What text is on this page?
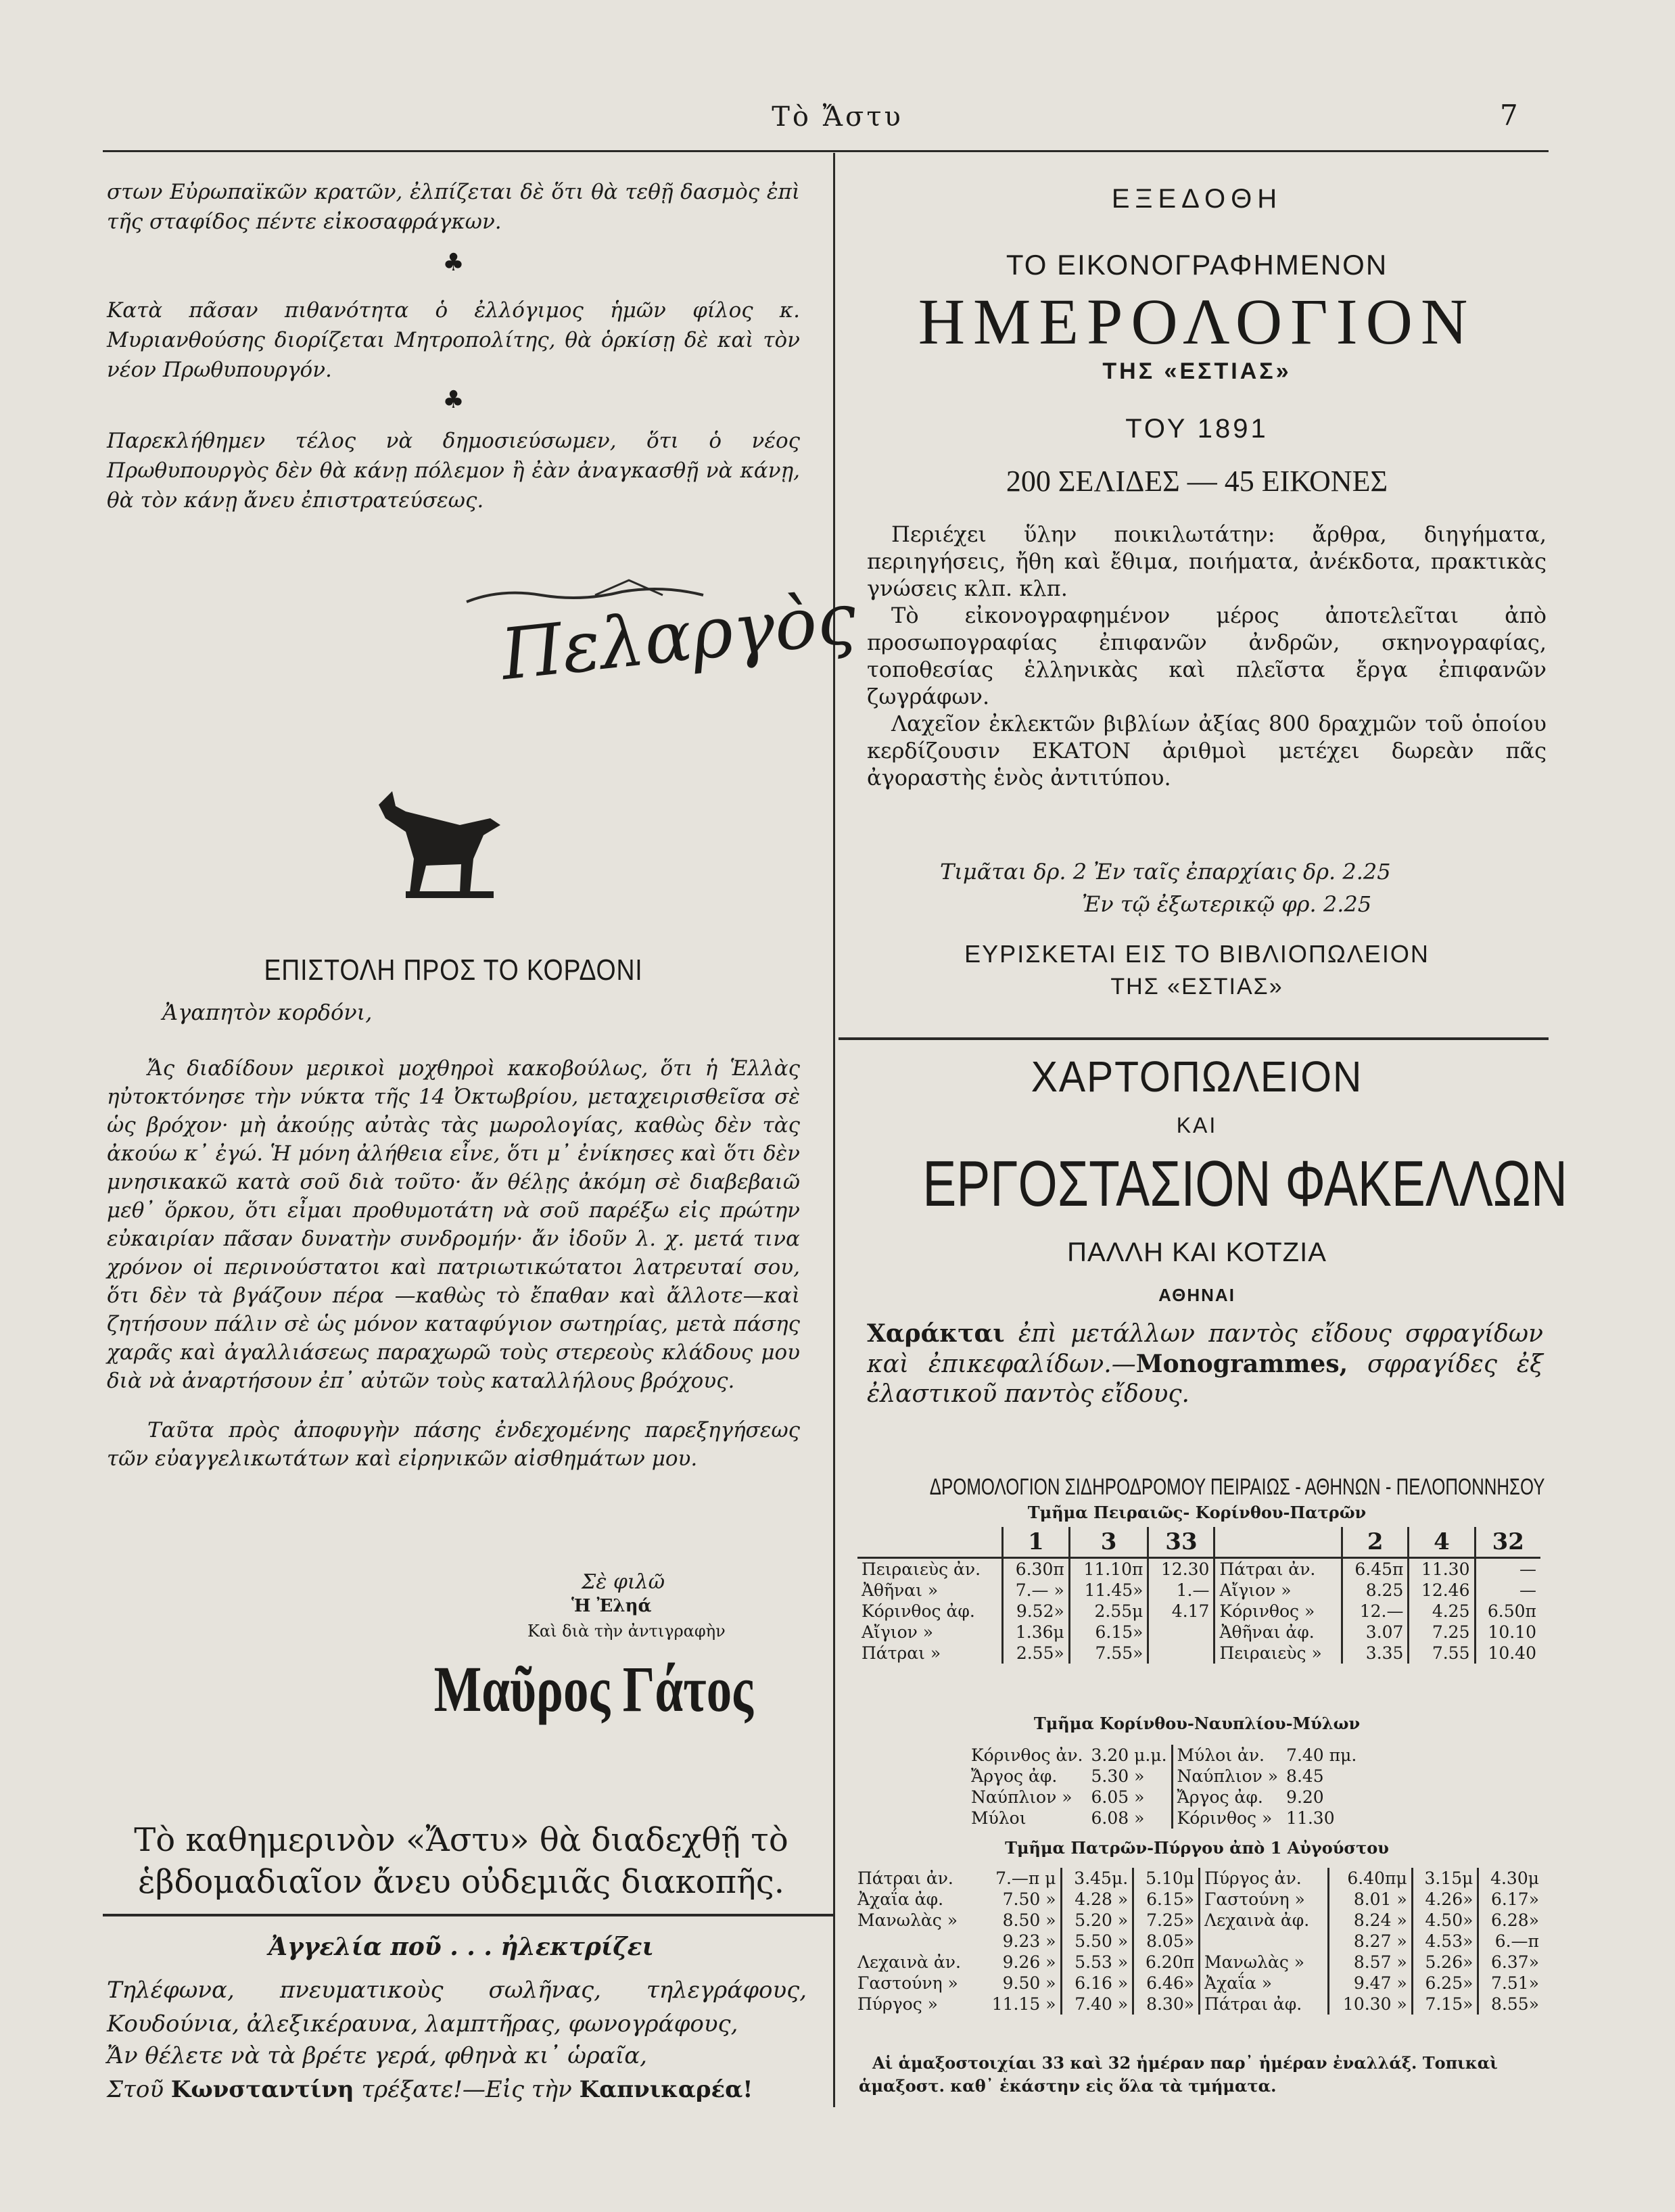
Τὸ Ἄστυ	7

στων Εὐρωπαϊκῶν κρατῶν, ἐλπίζεται δὲ ὅτι θὰ τεθῇ δασμὸς ἐπὶ τῆς σταφίδος πέντε εἰκοσαφράγκων.

♣

Κατὰ πᾶσαν πιθανότητα ὁ ἐλλόγιμος ἡμῶν φίλος κ. Μυριανθούσης διορίζεται Μητροπολίτης, θὰ ὁρκίσῃ δὲ καὶ τὸν νέον Πρωθυπουργόν.

♣

Παρεκλήθημεν τέλος νὰ δημοσιεύσωμεν, ὅτι ὁ νέος Πρωθυπουργὸς δὲν θὰ κάνῃ πόλεμον ἢ ἐὰν ἀναγκασθῇ νὰ κάνῃ, θὰ τὸν κάνῃ ἄνευ ἐπιστρατεύσεως.

Πελαργὸς
ΕΠΙΣΤΟΛΗ ΠΡΟΣ ΤΟ ΚΟΡΔΟΝΙ
Ἀγαπητὸν κορδόνι,

Ἄς διαδίδουν μερικοὶ μοχθηροὶ κακοβούλως, ὅτι ἡ Ἑλλὰς ηὐτοκτόνησε τὴν νύκτα τῆς 14 Ὀκτωβρίου, μεταχειρισθεῖσα σὲ ὡς βρόχον· μὴ ἀκούῃς αὐτὰς τὰς μωρολογίας, καθὼς δὲν τὰς ἀκούω κ᾿ ἐγώ. Ἡ μόνη ἀλήθεια εἶνε, ὅτι μ᾿ ἐνίκησες καὶ ὅτι δὲν μνησικακῶ κατὰ σοῦ διὰ τοῦτο· ἄν θέλῃς ἀκόμη σὲ διαβεβαιῶ μεθ᾿ ὅρκου, ὅτι εἶμαι προθυμοτάτη νὰ σοῦ παρέξω εἰς πρώτην εὐκαιρίαν πᾶσαν δυνατὴν συνδρομήν· ἄν ἰδοῦν λ. χ. μετά τινα χρόνον οἱ περινούστατοι καὶ πατριωτικώτατοι λατρευταί σου, ὅτι δὲν τὰ βγάζουν πέρα —καθὼς τὸ ἔπαθαν καὶ ἄλλοτε—καὶ ζητήσουν πάλιν σὲ ὡς μόνον καταφύγιον σωτηρίας, μετὰ πάσης χαρᾶς καὶ ἀγαλλιάσεως παραχωρῶ τοὺς στερεοὺς κλάδους μου διὰ νὰ ἀναρτήσουν ἐπ᾿ αὐτῶν τοὺς καταλλήλους βρόχους.

Ταῦτα πρὸς ἀποφυγὴν πάσης ἐνδεχομένης παρεξηγήσεως τῶν εὐαγγελικωτάτων καὶ εἰρηνικῶν αἰσθημάτων μου.

Σὲ φιλῶ
Ἡ Ἐληά
Καὶ διὰ τὴν ἀντιγραφὴν
Μαῦρος Γάτος
Τὸ καθημερινὸν «Ἄστυ» θὰ διαδεχθῇ τὸ ἑβδομαδιαῖον ἄνευ οὐδεμιᾶς διακοπῆς.
Ἀγγελία ποῦ . . . ἠλεκτρίζει
Τηλέφωνα, πνευματικοὺς σωλῆνας, τηλεγράφους, Κουδούνια, ἀλεξικέραυνα, λαμπτῆρας, φωνογράφους,
Ἄν θέλετε νὰ τὰ βρέτε γερά, φθηνὰ κι᾿ ὡραῖα,
Στοῦ Κωνσταντίνη τρέξατε!—Εἰς τὴν Καπνικαρέα!
ΕΞΕΔΟΘΗ
ΤΟ ΕΙΚΟΝΟΓΡΑΦΗΜΕΝΟΝ
ΗΜΕΡΟΛΟΓΙΟΝ
ΤΗΣ «ΕΣΤΙΑΣ»
ΤΟΥ 1891
200 ΣΕΛΙΔΕΣ — 45 ΕΙΚΟΝΕΣ

Περιέχει ὕλην ποικιλωτάτην: ἄρθρα, διηγήματα, περιηγήσεις, ἤθη καὶ ἔθιμα, ποιήματα, ἀνέκδοτα, πρακτικὰς γνώσεις κλπ. κλπ.

Τὸ εἰκονογραφημένον μέρος ἀποτελεῖται ἀπὸ προσωπογραφίας ἐπιφανῶν ἀνδρῶν, σκηνογραφίας, τοποθεσίας ἑλληνικὰς καὶ πλεῖστα ἔργα ἐπιφανῶν ζωγράφων.

Λαχεῖον ἐκλεκτῶν βιβλίων ἀξίας 800 δραχμῶν τοῦ ὁποίου κερδίζουσιν ΕΚΑΤΟΝ ἀριθμοὶ μετέχει δωρεὰν πᾶς ἀγοραστὴς ἑνὸς ἀντιτύπου.

Τιμᾶται δρ. 2 Ἐν ταῖς ἐπαρχίαις δρ. 2.25
Ἐν τῷ ἐξωτερικῷ φρ. 2.25
ΕΥΡΙΣΚΕΤΑΙ ΕΙΣ ΤΟ ΒΙΒΛΙΟΠΩΛΕΙΟΝ
ΤΗΣ «ΕΣΤΙΑΣ»
ΧΑΡΤΟΠΩΛΕΙΟΝ
ΚΑΙ
ΕΡΓΟΣΤΑΣΙΟΝ ΦΑΚΕΛΛΩΝ
ΠΑΛΛΗ ΚΑΙ ΚΟΤΖΙΑ
ΑΘΗΝΑΙ
Χαράκται ἐπὶ μετάλλων παντὸς εἴδους σφραγίδων καὶ ἐπικεφαλίδων.—Monogrammes, σφραγίδες ἐξ ἐλαστικοῦ παντὸς εἴδους.
ΔΡΟΜΟΛΟΓΙΟΝ ΣΙΔΗΡΟΔΡΟΜΟΥ ΠΕΙΡΑΙΩΣ - ΑΘΗΝΩΝ - ΠΕΛΟΠΟΝΝΗΣΟΥ
Τμῆμα Πειραιῶς- Κορίνθου-Πατρῶν
	1	3	33		2	4	32
Πειραιεὺς ἀν.	6.30π	11.10π	12.30	Πάτραι ἀν.	6.45π	11.30	—
Ἀθῆναι »	7.— »	11.45»	1.—	Αἴγιον »	8.25	12.46	—
Κόρινθος ἀφ.	9.52»	2.55μ	4.17	Κόρινθος »	12.—	4.25	6.50π
Αἴγιον »	1.36μ	6.15»		Ἀθῆναι ἀφ.	3.07	7.25	10.10
Πάτραι »	2.55»	7.55»		Πειραιεὺς »	3.35	7.55	10.40
Τμῆμα Κορίνθου-Ναυπλίου-Μύλων
Κόρινθος ἀν.	3.20 μ.μ.	Μύλοι ἀν.	7.40 πμ.
Ἄργος ἀφ.	5.30 »	Ναύπλιον »	8.45
Ναύπλιον »	6.05 »	Ἄργος ἀφ.	9.20
Μύλοι	6.08 »	Κόρινθος »	11.30
Τμῆμα Πατρῶν-Πύργου ἀπὸ 1 Αὐγούστου
Πάτραι ἀν.	7.—π μ	3.45μ.	5.10μ	Πύργος ἀν.	6.40πμ	3.15μ	4.30μ
Ἀχαΐα ἀφ.	7.50 »	4.28 »	6.15»	Γαστούνη »	8.01 »	4.26»	6.17»
Μανωλὰς »	8.50 »	5.20 »	7.25»	Λεχαινὰ ἀφ.	8.24 »	4.50»	6.28»
	9.23 »	5.50 »	8.05»		8.27 »	4.53»	6.—π
Λεχαινὰ ἀν.	9.26 »	5.53 »	6.20π	Μανωλὰς »	8.57 »	5.26»	6.37»
Γαστούνη »	9.50 »	6.16 »	6.46»	Ἀχαΐα »	9.47 »	6.25»	7.51»
Πύργος »	11.15 »	7.40 »	8.30»	Πάτραι ἀφ.	10.30 »	7.15»	8.55»
Αἱ ἁμαξοστοιχίαι 33 καὶ 32 ἡμέραν παρ᾿ ἡμέραν ἐναλλάξ. Τοπικαὶ
ἁμαξοστ. καθ᾿ ἑκάστην εἰς ὅλα τὰ τμήματα.
